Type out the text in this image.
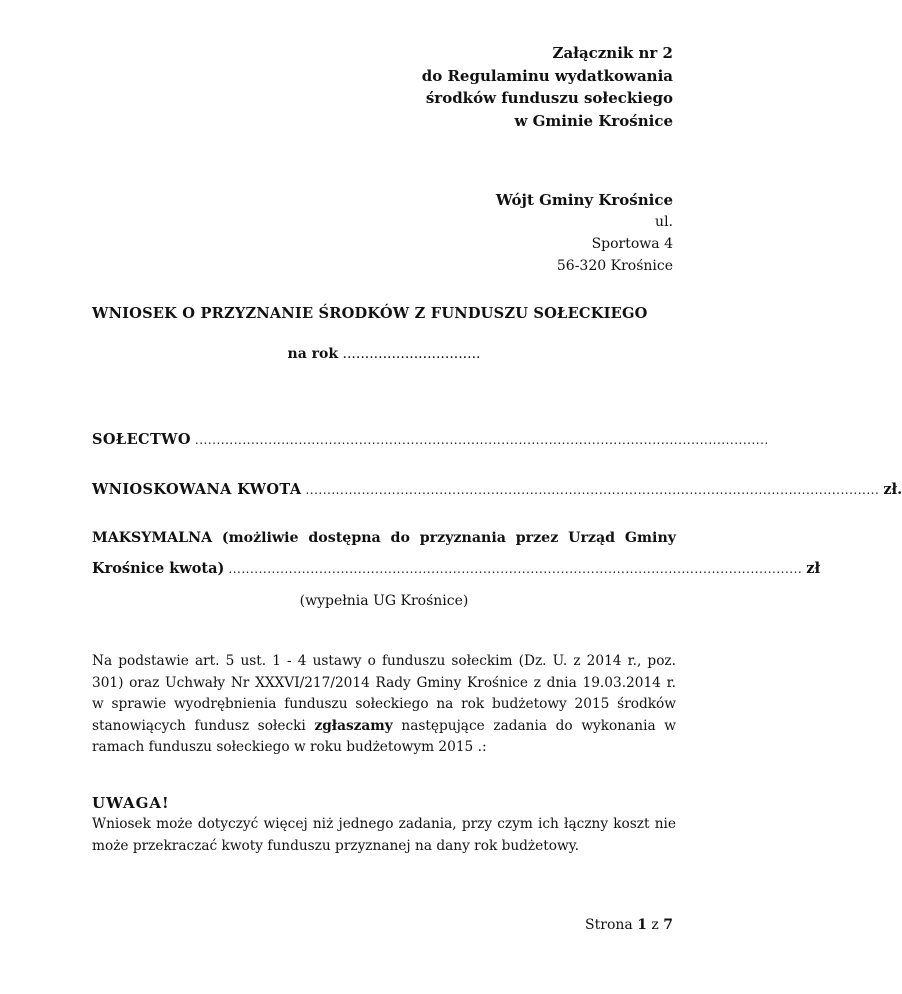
Załącznik nr 2
do Regulaminu wydatkowania
środków funduszu sołeckiego
w Gminie Krośnice
Wójt Gminy Krośnice
ul.
Sportowa 4
56-320 Krośnice
WNIOSEK O PRZYZNANIE ŚRODKÓW Z FUNDUSZU SOŁECKIEGO
na rok ...............................
SOŁECTWO .....................................................................................................................................
WNIOSKOWANA KWOTA ..................................................................................................................................... zł.
MAKSYMALNA (możliwie dostępna do przyznania przez Urząd Gminy
Krośnice kwota) ..................................................................................................................................... zł
(wypełnia UG Krośnice)
Na podstawie art. 5 ust. 1 - 4 ustawy o funduszu sołeckim (Dz. U. z 2014 r., poz. 301) oraz Uchwały Nr XXXVI/217/2014 Rady Gminy Krośnice z dnia 19.03.2014 r. w sprawie wyodrębnienia funduszu sołeckiego na rok budżetowy 2015 środków stanowiących fundusz sołecki zgłaszamy następujące zadania do wykonania w ramach funduszu sołeckiego w roku budżetowym 2015 .:
UWAGA!
Wniosek może dotyczyć więcej niż jednego zadania, przy czym ich łączny koszt nie może przekraczać kwoty funduszu przyznanej na dany rok budżetowy.
Strona 1 z 7
